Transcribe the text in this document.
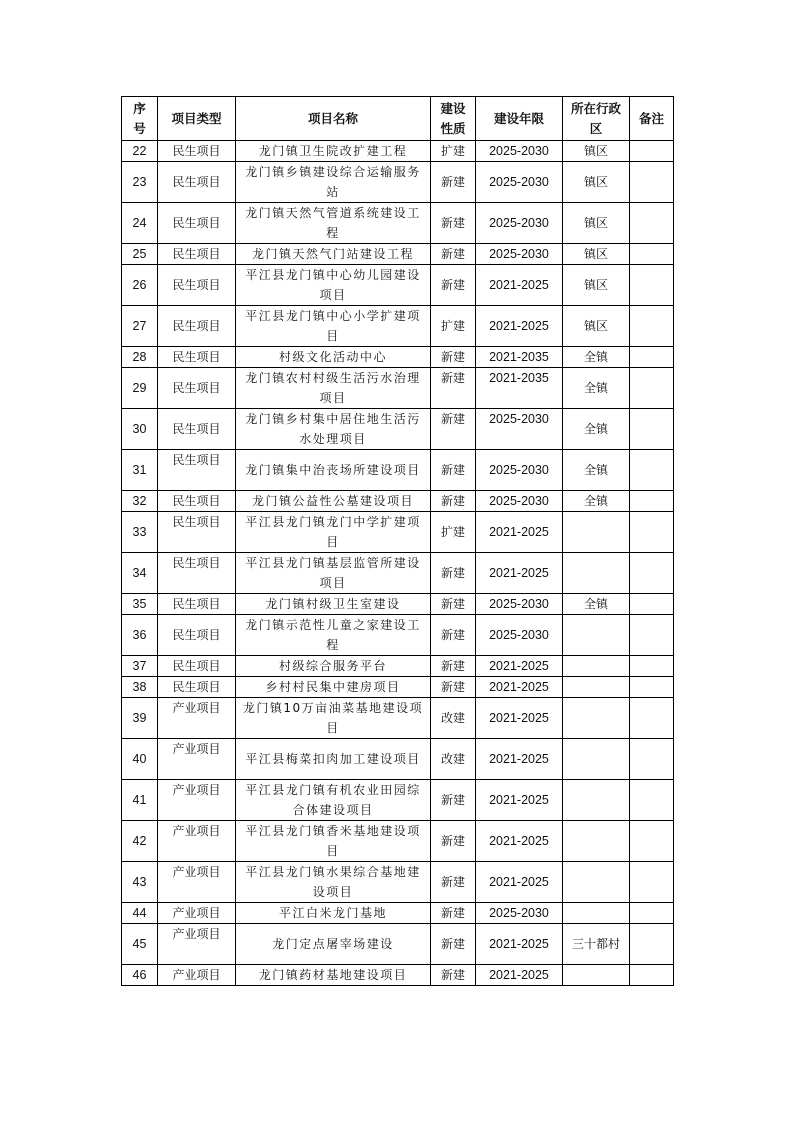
序号	项目类型	项目名称	建设性质	建设年限	所在行政区	备注
22	民生项目	龙门镇卫生院改扩建工程	扩建	2025-2030	镇区	
23	民生项目	龙门镇乡镇建设综合运输服务站	新建	2025-2030	镇区	
24	民生项目	龙门镇天然气管道系统建设工程	新建	2025-2030	镇区	
25	民生项目	龙门镇天然气门站建设工程	新建	2025-2030	镇区	
26	民生项目	平江县龙门镇中心幼儿园建设项目	新建	2021-2025	镇区	
27	民生项目	平江县龙门镇中心小学扩建项目	扩建	2021-2025	镇区	
28	民生项目	村级文化活动中心	新建	2021-2035	全镇	
29	民生项目	龙门镇农村村级生活污水治理项目	新建	2021-2035	全镇	
30	民生项目	龙门镇乡村集中居住地生活污水处理项目	新建	2025-2030	全镇	
31	民生项目	龙门镇集中治丧场所建设项目	新建	2025-2030	全镇	
32	民生项目	龙门镇公益性公墓建设项目	新建	2025-2030	全镇	
33	民生项目	平江县龙门镇龙门中学扩建项目	扩建	2021-2025		
34	民生项目	平江县龙门镇基层监管所建设项目	新建	2021-2025		
35	民生项目	龙门镇村级卫生室建设	新建	2025-2030	全镇	
36	民生项目	龙门镇示范性儿童之家建设工程	新建	2025-2030		
37	民生项目	村级综合服务平台	新建	2021-2025		
38	民生项目	乡村村民集中建房项目	新建	2021-2025		
39	产业项目	龙门镇10万亩油菜基地建设项目	改建	2021-2025		
40	产业项目	平江县梅菜扣肉加工建设项目	改建	2021-2025		
41	产业项目	平江县龙门镇有机农业田园综合体建设项目	新建	2021-2025		
42	产业项目	平江县龙门镇香米基地建设项目	新建	2021-2025		
43	产业项目	平江县龙门镇水果综合基地建设项目	新建	2021-2025		
44	产业项目	平江白米龙门基地	新建	2025-2030		
45	产业项目	龙门定点屠宰场建设	新建	2021-2025	三十都村	
46	产业项目	龙门镇药材基地建设项目	新建	2021-2025		
